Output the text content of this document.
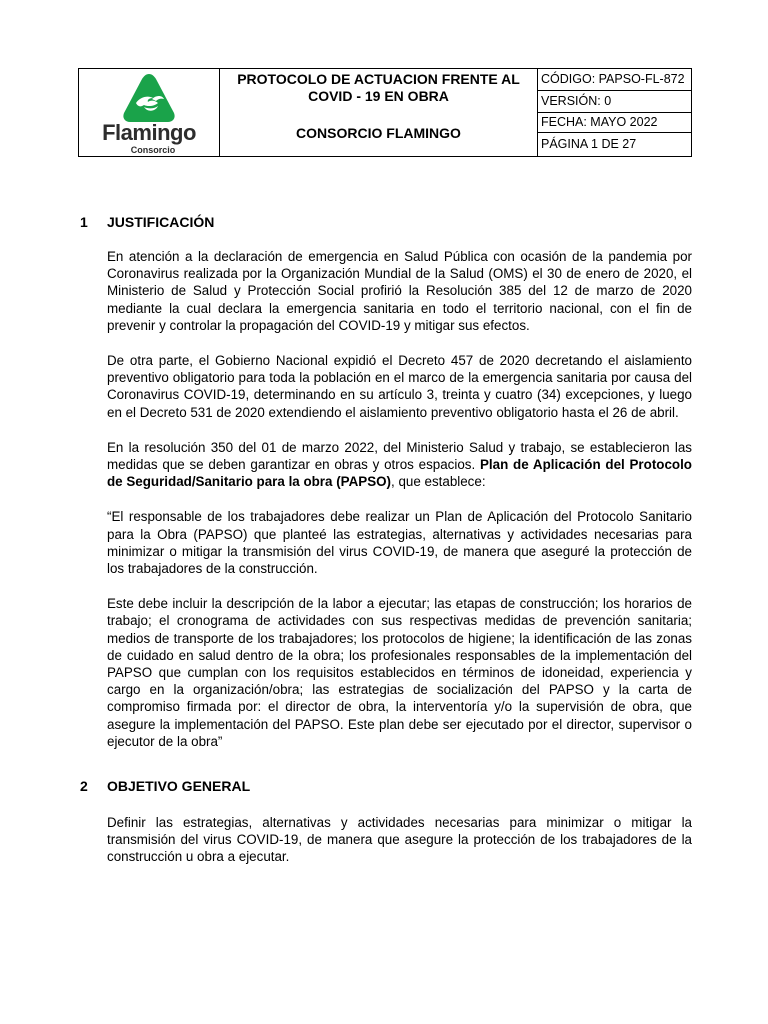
Flamingo
Consorcio

PROTOCOLO DE ACTUACION FRENTE AL
COVID - 19 EN OBRA
CONSORCIO FLAMINGO
	CÓDIGO: PAPSO-FL-872
VERSIÓN: 0
FECHA: MAYO 2022
PÁGINA 1 DE 27
1	JUSTIFICACIÓN

En atención a la declaración de emergencia en Salud Pública con ocasión de la pandemia por Coronavirus realizada por la Organización Mundial de la Salud (OMS) el 30 de enero de 2020, el Ministerio de Salud y Protección Social profirió la Resolución 385 del 12 de marzo de 2020 mediante la cual declara la emergencia sanitaria en todo el territorio nacional, con el fin de prevenir y controlar la propagación del COVID-19 y mitigar sus efectos.

De otra parte, el Gobierno Nacional expidió el Decreto 457 de 2020 decretando el aislamiento preventivo obligatorio para toda la población en el marco de la emergencia sanitaria por causa del Coronavirus COVID-19, determinando en su artículo 3, treinta y cuatro (34) excepciones, y luego en el Decreto 531 de 2020 extendiendo el aislamiento preventivo obligatorio hasta el 26 de abril.

En la resolución 350 del 01 de marzo 2022, del Ministerio Salud y trabajo, se establecieron las medidas que se deben garantizar en obras y otros espacios. Plan de Aplicación del Protocolo de Seguridad/Sanitario para la obra (PAPSO), que establece:

“El responsable de los trabajadores debe realizar un Plan de Aplicación del Protocolo Sanitario para la Obra (PAPSO) que planteé las estrategias, alternativas y actividades necesarias para minimizar o mitigar la transmisión del virus COVID-19, de manera que aseguré la protección de los trabajadores de la construcción.

Este debe incluir la descripción de la labor a ejecutar; las etapas de construcción; los horarios de trabajo; el cronograma de actividades con sus respectivas medidas de prevención sanitaria; medios de transporte de los trabajadores; los protocolos de higiene; la identificación de las zonas de cuidado en salud dentro de la obra; los profesionales responsables de la implementación del PAPSO que cumplan con los requisitos establecidos en términos de idoneidad, experiencia y cargo en la organización/obra; las estrategias de socialización del PAPSO y la carta de compromiso firmada por: el director de obra, la interventoría y/o la supervisión de obra, que asegure la implementación del PAPSO. Este plan debe ser ejecutado por el director, supervisor o ejecutor de la obra”

2	OBJETIVO GENERAL

Definir las estrategias, alternativas y actividades necesarias para minimizar o mitigar la transmisión del virus COVID-19, de manera que asegure la protección de los trabajadores de la construcción u obra a ejecutar.
